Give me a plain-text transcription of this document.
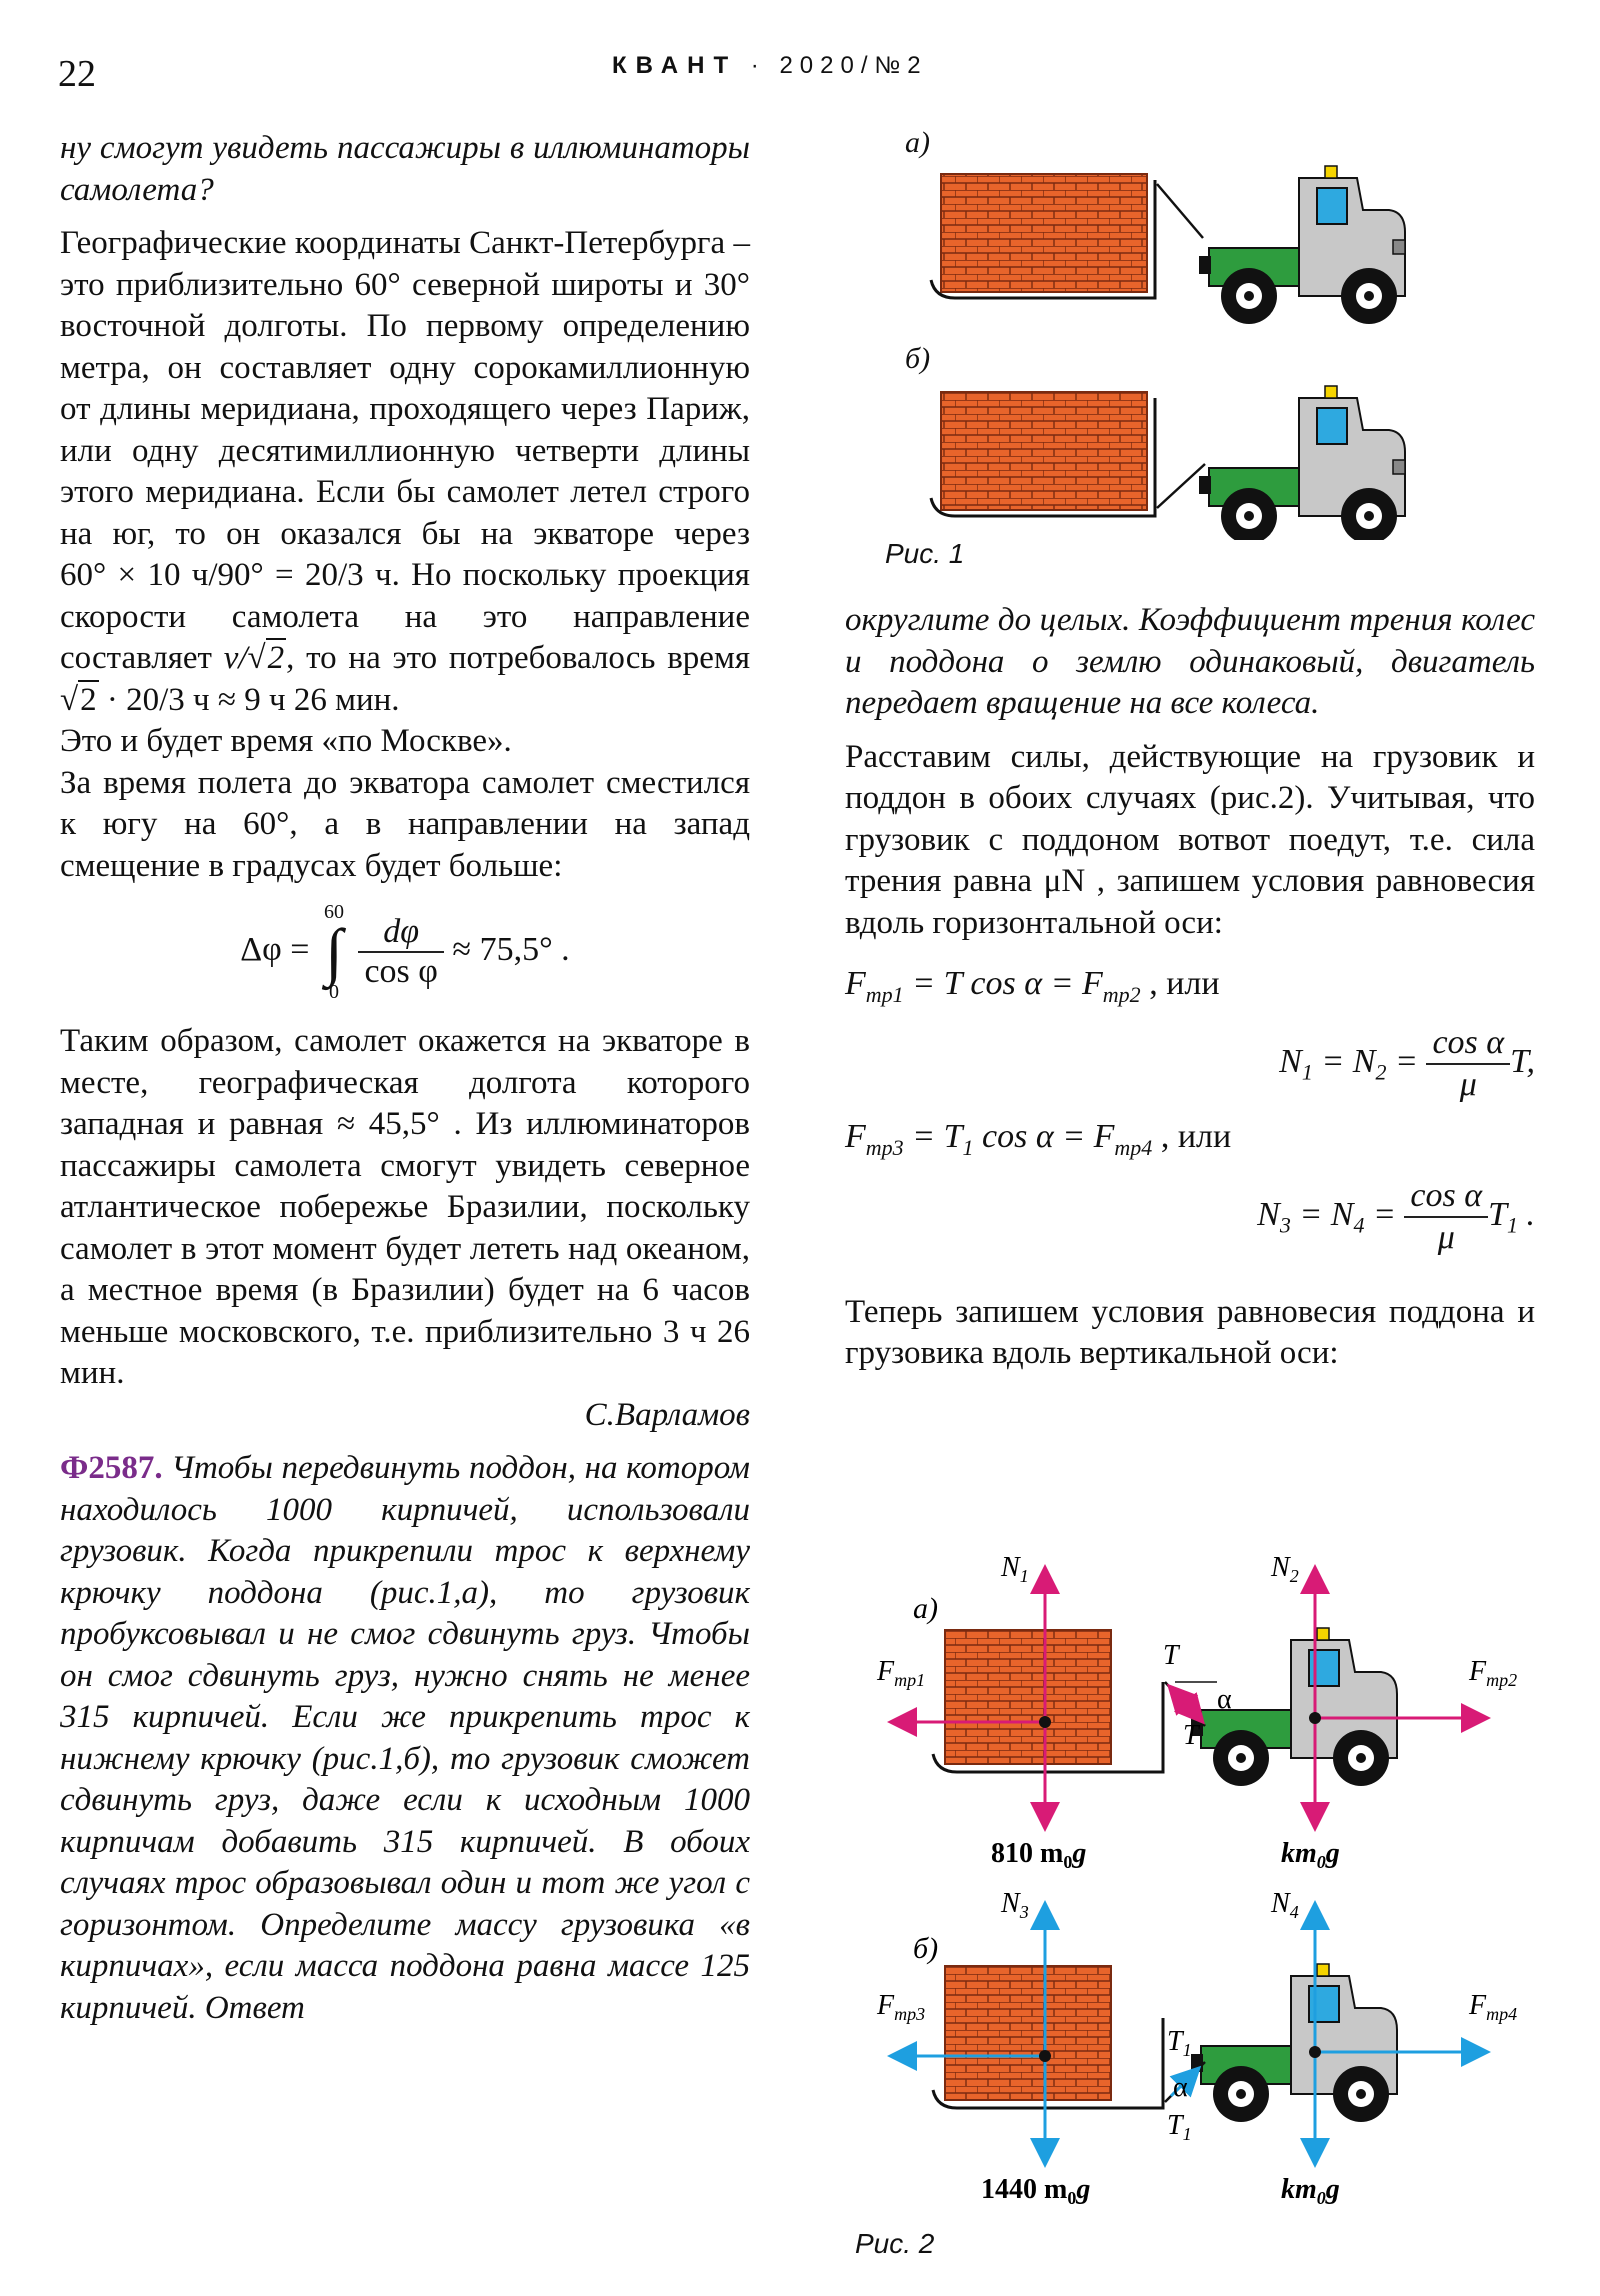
22	КВАНТ · 2020/№2

ну смогут увидеть пассажиры в иллюминаторы самолета?

Географические координаты Санкт-Петербурга – это приблизительно 60° северной широты и 30° восточной долготы. По первому определению метра, он составляет одну сорокамиллионную от длины меридиана, проходящего через Париж, или одну десятимиллионную четверти длины этого меридиана. Если бы самолет летел строго на юг, то он оказался бы на экваторе через 60° × 10 ч/90° = 20/3 ч. Но поскольку проекция скорости самолета на это направление составляет v/√2, то на это потребовалось время √2 · 20/3 ч ≈ 9 ч 26 мин.

Это и будет время «по Москве».

За время полета до экватора самолет сместился к югу на 60°, а в направлении на запад смещение в градусах будет больше:

Δφ = 60
∫
0
$\frac{d\varphi}{\text{cos φ}} \approx 75,5^\circ$ .

Таким образом, самолет окажется на экваторе в месте, географическая долгота которого западная и равная ≈ 45,5° . Из иллюминаторов пассажиры самолета смогут увидеть северное атлантическое побережье Бразилии, поскольку самолет в этот момент будет лететь над океаном, а местное время (в Бразилии) будет на 6 часов меньше московского, т.е. приблизительно 3 ч 26 мин.

С.Варламов

Ф2587. Чтобы передвинуть поддон, на котором находилось 1000 кирпичей, использовали грузовик. Когда прикрепили трос к верхнему крючку поддона (рис.1,а), то грузовик пробуксовывал и не смог сдвинуть груз. Чтобы он смог сдвинуть груз, нужно снять не менее 315 кирпичей. Если же прикрепить трос к нижнему крючку (рис.1,б), то грузовик сможет сдвинуть груз, даже если к исходным 1000 кирпичам добавить 315 кирпичей. В обоих случаях трос образовывал один и тот же угол с горизонтом. Определите массу грузовика «в кирпичах», если масса поддона равна массе 125 кирпичей. Ответ

а)
б)
Рис. 1

округлите до целых. Коэффициент трения колес и поддона о землю одинаковый, двигатель передает вращение на все колеса.

Расставим силы, действующие на грузовик и поддон в обоих случаях (рис.2). Учитывая, что грузовик с поддоном вотвот поедут, т.е. сила трения равна μN , запишем условия равновесия вдоль горизонтальной оси:

$F_{тр1} = T$ $\cos \alpha = F_{тр2}$ , или
$N_1 = N_2 = \frac{\text{cos α}}{\mu} T$,
$F_{тр3} = T_1$ $\cos \alpha = F_{тр4}$ , или
$N_3 = N_4 = \frac{\text{cos α}}{\mu} T_1$ .

Теперь запишем условия равновесия поддона и грузовика вдоль вертикальной оси:

а)
$N_1$	$N_2$
$F_{тр1}$	$F_{тр2}$
T
T
α
810 $m_0g$	$km_0g$
б)
$N_3$	$N_4$
$F_{тр3}$	$F_{тр4}$
$T_1$
$T_1$
α
1440 $m_0g$	$km_0g$
Рис. 2
